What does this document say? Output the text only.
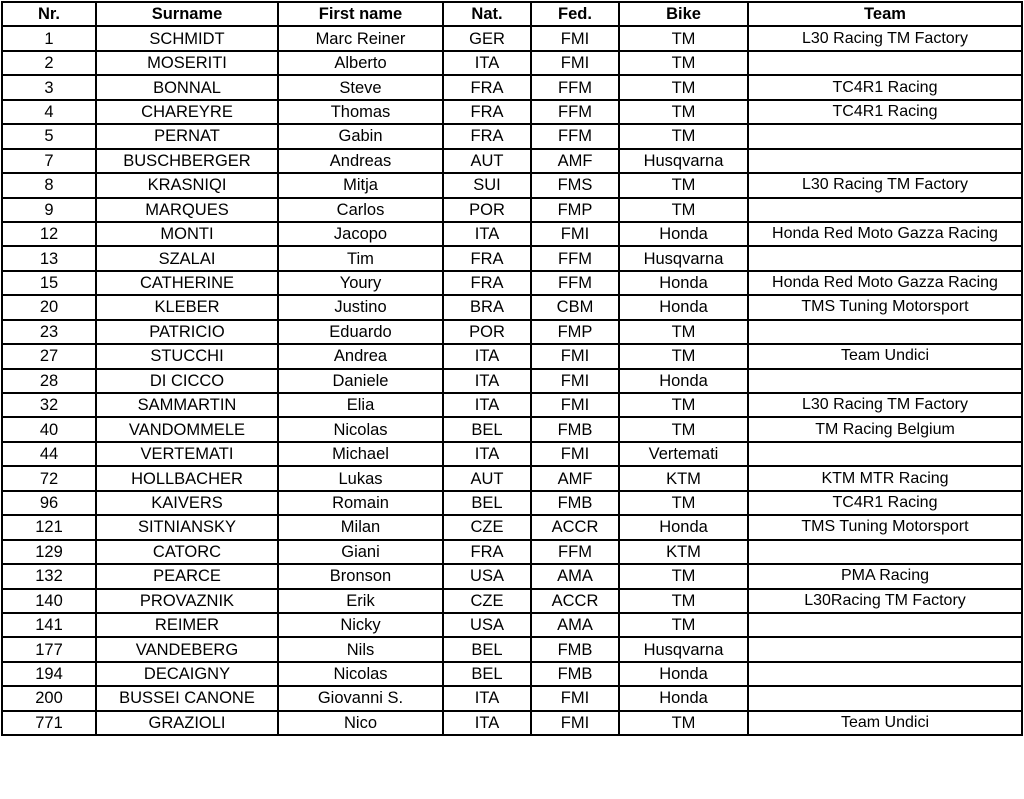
Nr.	Surname	First name	Nat.	Fed.	Bike	Team
1	SCHMIDT	Marc Reiner	GER	FMI	TM	L30 Racing TM Factory
2	MOSERITI	Alberto	ITA	FMI	TM	
3	BONNAL	Steve	FRA	FFM	TM	TC4R1 Racing
4	CHAREYRE	Thomas	FRA	FFM	TM	TC4R1 Racing
5	PERNAT	Gabin	FRA	FFM	TM	
7	BUSCHBERGER	Andreas	AUT	AMF	Husqvarna	
8	KRASNIQI	Mitja	SUI	FMS	TM	L30 Racing TM Factory
9	MARQUES	Carlos	POR	FMP	TM	
12	MONTI	Jacopo	ITA	FMI	Honda	Honda Red Moto Gazza Racing
13	SZALAI	Tim	FRA	FFM	Husqvarna	
15	CATHERINE	Youry	FRA	FFM	Honda	Honda Red Moto Gazza Racing
20	KLEBER	Justino	BRA	CBM	Honda	TMS Tuning Motorsport
23	PATRICIO	Eduardo	POR	FMP	TM	
27	STUCCHI	Andrea	ITA	FMI	TM	Team Undici
28	DI CICCO	Daniele	ITA	FMI	Honda	
32	SAMMARTIN	Elia	ITA	FMI	TM	L30 Racing TM Factory
40	VANDOMMELE	Nicolas	BEL	FMB	TM	TM Racing Belgium
44	VERTEMATI	Michael	ITA	FMI	Vertemati	
72	HOLLBACHER	Lukas	AUT	AMF	KTM	KTM MTR Racing
96	KAIVERS	Romain	BEL	FMB	TM	TC4R1 Racing
121	SITNIANSKY	Milan	CZE	ACCR	Honda	TMS Tuning Motorsport
129	CATORC	Giani	FRA	FFM	KTM	
132	PEARCE	Bronson	USA	AMA	TM	PMA Racing
140	PROVAZNIK	Erik	CZE	ACCR	TM	L30Racing TM Factory
141	REIMER	Nicky	USA	AMA	TM	
177	VANDEBERG	Nils	BEL	FMB	Husqvarna	
194	DECAIGNY	Nicolas	BEL	FMB	Honda	
200	BUSSEI CANONE	Giovanni S.	ITA	FMI	Honda	
771	GRAZIOLI	Nico	ITA	FMI	TM	Team Undici
